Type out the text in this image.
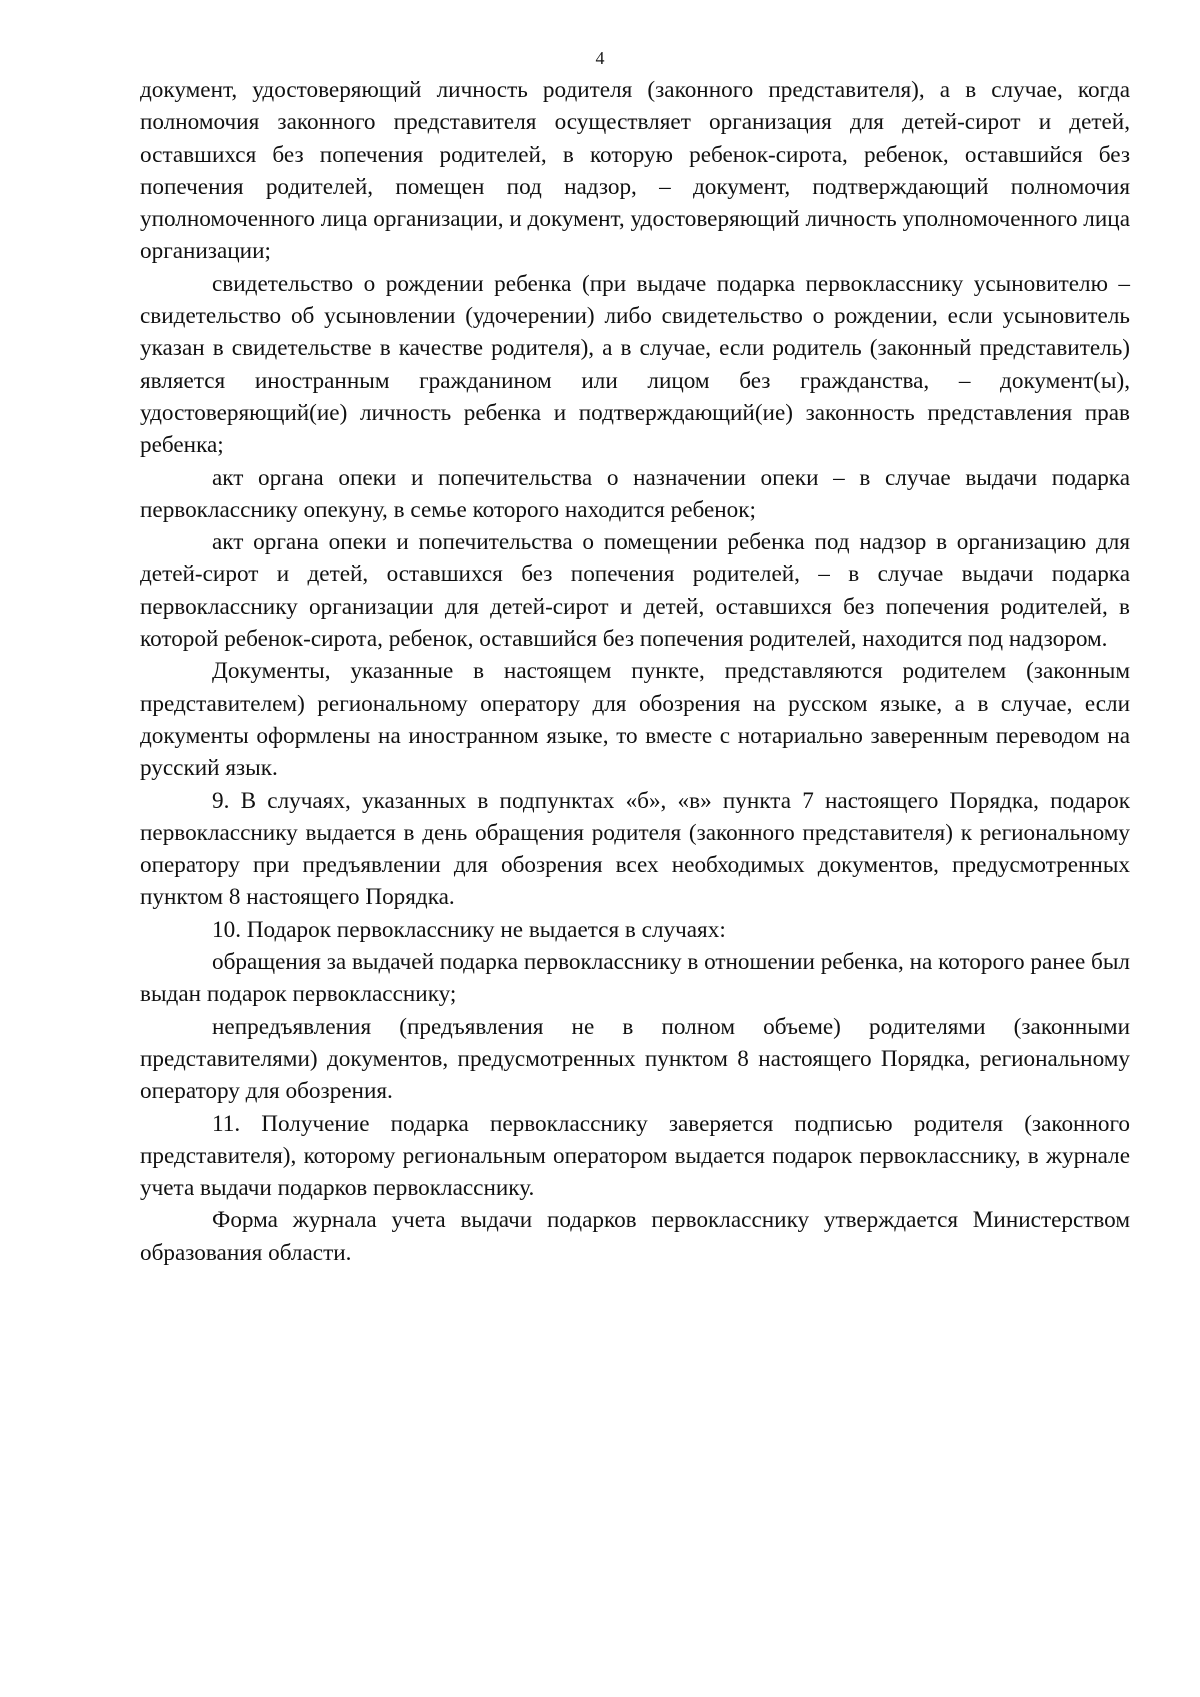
4

документ, удостоверяющий личность родителя (законного представителя), а в случае, когда полномочия законного представителя осуществляет организация для детей-сирот и детей, оставшихся без попечения родителей, в которую ребенок-сирота, ребенок, оставшийся без попечения родителей, помещен под надзор, – документ, подтверждающий полномочия уполномоченного лица организации, и документ, удостоверяющий личность уполномоченного лица организации;

свидетельство о рождении ребенка (при выдаче подарка первокласснику усыновителю – свидетельство об усыновлении (удочерении) либо свидетельство о рождении, если усыновитель указан в свидетельстве в качестве родителя), а в случае, если родитель (законный представитель) является иностранным гражданином или лицом без гражданства, – документ(ы), удостоверяющий(ие) личность ребенка и подтверждающий(ие) законность представления прав ребенка;

акт органа опеки и попечительства о назначении опеки – в случае выдачи подарка первокласснику опекуну, в семье которого находится ребенок;

акт органа опеки и попечительства о помещении ребенка под надзор в организацию для детей-сирот и детей, оставшихся без попечения родителей, – в случае выдачи подарка первокласснику организации для детей-сирот и детей, оставшихся без попечения родителей, в которой ребенок-сирота, ребенок, оставшийся без попечения родителей, находится под надзором.

Документы, указанные в настоящем пункте, представляются родителем (законным представителем) региональному оператору для обозрения на русском языке, а в случае, если документы оформлены на иностранном языке, то вместе с нотариально заверенным переводом на русский язык.

9. В случаях, указанных в подпунктах «б», «в» пункта 7 настоящего Порядка, подарок первокласснику выдается в день обращения родителя (законного представителя) к региональному оператору при предъявлении для обозрения всех необходимых документов, предусмотренных пунктом 8 настоящего Порядка.

10. Подарок первокласснику не выдается в случаях:

обращения за выдачей подарка первокласснику в отношении ребенка, на которого ранее был выдан подарок первокласснику;

непредъявления (предъявления не в полном объеме) родителями (законными представителями) документов, предусмотренных пунктом 8 настоящего Порядка, региональному оператору для обозрения.

11. Получение подарка первокласснику заверяется подписью родителя (законного представителя), которому региональным оператором выдается подарок первокласснику, в журнале учета выдачи подарков первокласснику.

Форма журнала учета выдачи подарков первокласснику утверждается Министерством образования области.
